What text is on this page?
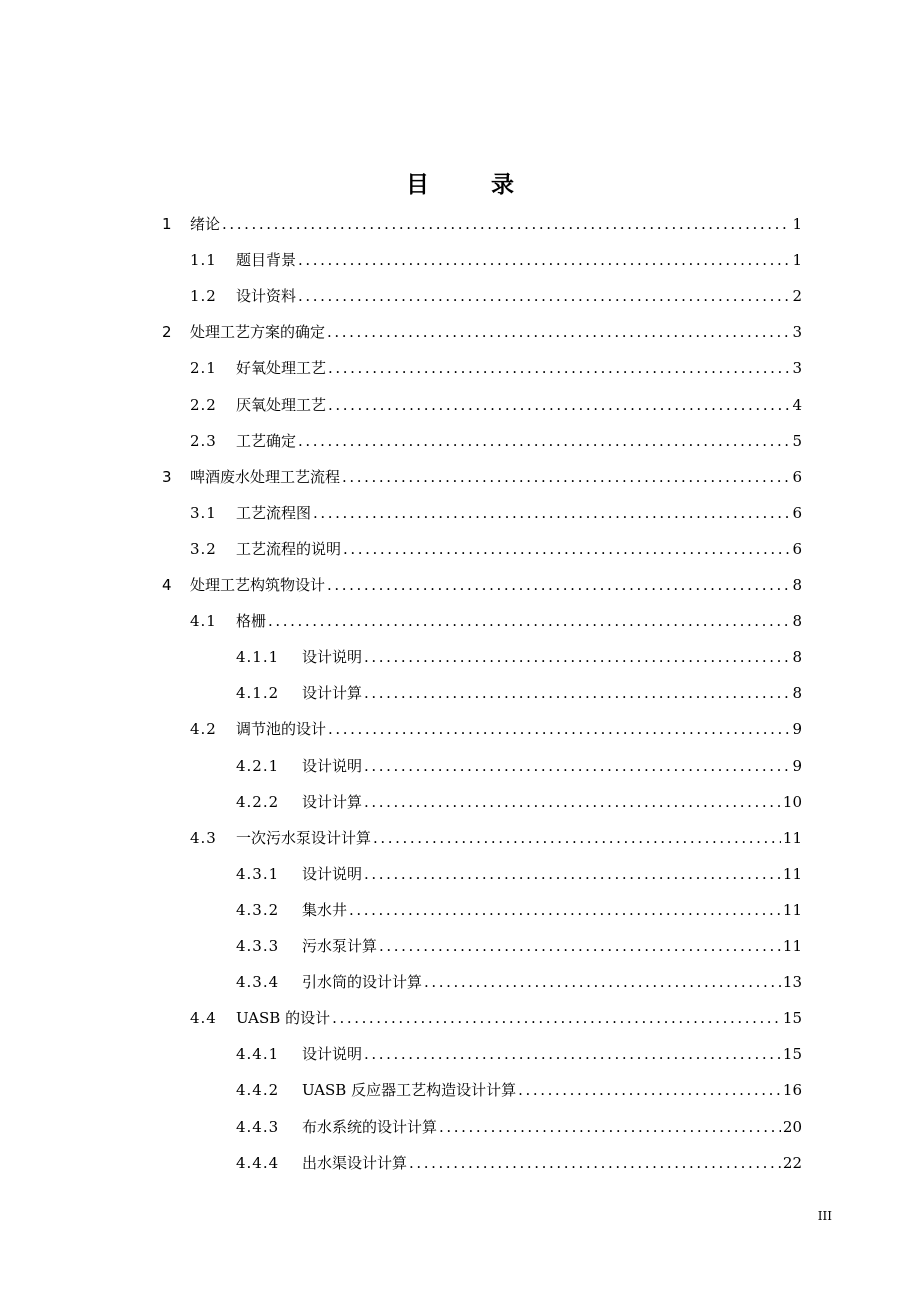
目录
1	绪论 .....	1
1.1	题目背景 .....	1
1.2	设计资料 .....	2
2	处理工艺方案的确定 .....	3
2.1	好氧处理工艺 .....	3
2.2	厌氧处理工艺 .....	4
2.3	工艺确定 .....	5
3	啤酒废水处理工艺流程 .....	6
3.1	工艺流程图 .....	6
3.2	工艺流程的说明 .....	6
4	处理工艺构筑物设计 .....	8
4.1	格栅 .....	8
4.1.1	设计说明 .....	8
4.1.2	设计计算 .....	8
4.2	调节池的设计 .....	9
4.2.1	设计说明 .....	9
4.2.2	设计计算 .....	10
4.3	一次污水泵设计计算 .....	11
4.3.1	设计说明 .....	11
4.3.2	集水井 .....	11
4.3.3	污水泵计算 .....	11
4.3.4	引水筒的设计计算 .....	13
4.4	UASB 的设计 .....	15
4.4.1	设计说明 .....	15
4.4.2	UASB 反应器工艺构造设计计算 .....	16
4.4.3	布水系统的设计计算 .....	20
4.4.4	出水渠设计计算 .....	22
III
